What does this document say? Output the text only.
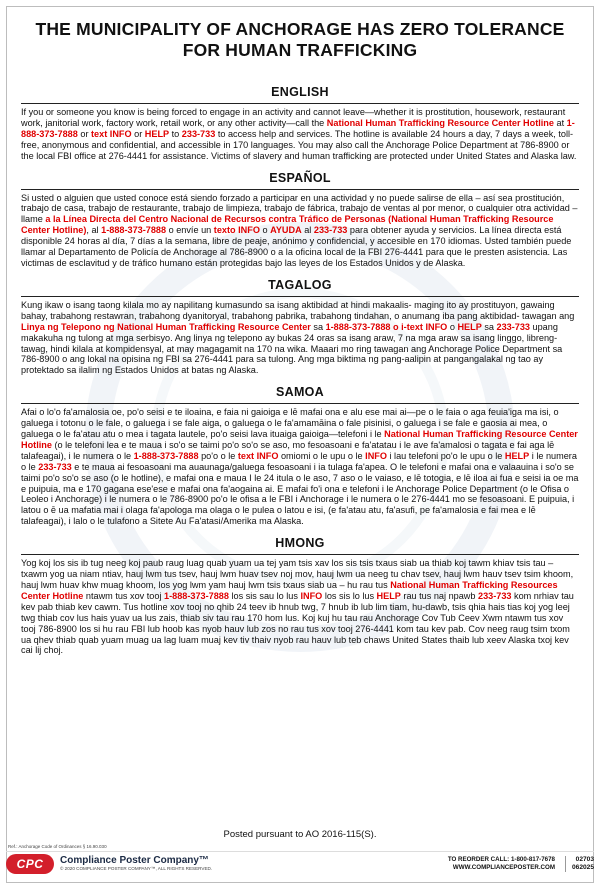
THE MUNICIPALITY OF ANCHORAGE HAS ZERO TOLERANCE
FOR HUMAN TRAFFICKING
ENGLISH
If you or someone you know is being forced to engage in an activity and cannot leave—whether it is prostitution, housework, restaurant work, janitorial work, factory work, retail work, or any other activity—call the National Human Trafficking Resource Center Hotline at 1-888-373-7888 or text INFO or HELP to 233-733 to access help and services. The hotline is available 24 hours a day, 7 days a week, toll-free, anonymous and confidential, and accessible in 170 languages. You may also call the Anchorage Police Department at 786-8900 or the local FBI office at 276-4441 for assistance. Victims of slavery and human trafficking are protected under United States and Alaska law.
ESPAÑOL
Si usted o alguien que usted conoce está siendo forzado a participar en una actividad y no puede salirse de ella – así sea prostitución, trabajo de casa, trabajo de restaurante, trabajo de limpieza, trabajo de fábrica, trabajo de ventas al por menor, o cualquier otra actividad – llame a la Línea Directa del Centro Nacional de Recursos contra Tráfico de Personas (National Human Trafficking Resource Center Hotline), al 1-888-373-7888 o envíe un texto INFO o AYUDA al 233-733 para obtener ayuda y servicios. La línea directa está disponible 24 horas al día, 7 días a la semana, libre de peaje, anónimo y confidencial, y accesible en 170 idiomas. Usted también puede llamar al Departamento de Policía de Anchorage al 786-8900 o a la oficina local de la FBI 276-4441 para que le presten asistencia. Las victimas de esclavitud y de tráfico humano están protegidas bajo las leyes de los Estados Unidos y de Alaska.
TAGALOG
Kung ikaw o isang taong kilala mo ay napilitang kumasundo sa isang aktibidad at hindi makaalis- maging ito ay prostituyon, gawaing bahay, trabahong restawran, trabahong dyanitoryal, trabahong pabrika, trabahong tindahan, o anumang iba pang aktibidad- tawagan ang Linya ng Telepono ng National Human Trafficking Resource Center sa 1-888-373-7888 o i-text INFO o HELP sa 233-733 upang makakuha ng tulong at mga serbisyo. Ang linya ng telepono ay bukas 24 oras sa isang araw, 7 na mga araw sa isang linggo, libreng-tawag, hindi kilala at kompidensyal, at may magagamit na 170 na wika. Maaari mo ring tawagan ang Anchorage Police Department sa 786-8900 o ang lokal na opisina ng FBI sa 276-4441 para sa tulong. Ang mga biktima ng pang-aalipin at pangangalakal ng tao ay protektado sa ilalim ng Estados Unidos at batas ng Alaska.
SAMOA
Afai o lo'o fa'amalosia oe, po'o seisi e te iloaina, e faia ni gaioiga e lē mafai ona e alu ese mai ai—pe o le faia o aga feuia'iga ma isi, o galuega i totonu o le fale, o galuega i se fale aiga, o galuega o le fa'amamāina o fale pisinisi, o galuega i se fale e gaosia ai mea, o galuega o le fa'atau atu o mea i tagata lautele, po'o seisi lava ituaiga gaioiga—telefoni i le National Human Trafficking Resource Center Hotline (o le telefoni lea e te maua i so'o se taimi po'o so'o se aso, mo fesoasoani e fa'atatau i le ave fa'amalosi o tagata e fai aga lē talafeagai), i le numera o le 1-888-373-7888 po'o o le text INFO omiomi o le upu o le INFO i lau telefoni po'o le upu o le HELP i le numera o le 233-733 e te maua ai fesoasoani ma auaunaga/galuega fesoasoani i ia tulaga fa'apea. O le telefoni e mafai ona e valaauina i so'o se taimi po'o so'o se aso (o le hotline), e mafai ona e maua I le 24 itula o le aso, 7 aso o le vaiaso, e lē totogia, e lē iloa ai fua e seisi ia oe ma e puipuia, ma e 170 gagana ese'ese e mafai ona fa'aogaina ai. E mafai fo'i ona e telefoni i le Anchorage Police Department (o le Ofisa o Leoleo i Anchorage) i le numera o le 786-8900 po'o le ofisa a le FBI i Anchorage i le numera o le 276-4441 mo se fesoasoani. E puipuia, i latou o ē ua mafatia mai i olaga fa'apologa ma olaga o le pulea o latou e isi, (e fa'atau atu, fa'asufi, pe fa'amalosia e fai mea e lē talafeagai), i lalo o le tulafono a Sitete Au Fa'atasi/Amerika ma Alaska.
HMONG
Yog koj los sis ib tug neeg koj paub raug luag quab yuam ua tej yam tsis xav los sis tsis txaus siab ua thiab koj tawm khiav tsis tau – txawm yog ua niam ntiav, hauj lwm tus tsev, hauj lwm huav tsev noj mov, hauj lwm ua neeg tu chav tsev, hauj lwm hauv tsev tsim khoom, hauj lwm huav khw muag khoom, los yog lwm yam hauj lwm tsis txaus siab ua – hu rau tus National Human Trafficking Resources Center Hotline ntawm tus xov tooj 1-888-373-7888 los sis sau lo lus INFO los sis lo lus HELP rau tus naj npawb 233-733 kom nrhiav tau kev pab thiab kev cawm. Tus hotline xov tooj no qhib 24 teev ib hnub twg, 7 hnub ib lub lim tiam, hu-dawb, tsis qhia hais tias koj yog leej twg thiab cov lus hais yuav ua lus zais, thiab siv tau rau 170 hom lus. Koj kuj hu tau rau Anchorage Cov Tub Ceev Xwm ntawm tus xov tooj 786-8900 los si hu rau FBI lub hoob kas nyob hauv lub zos no rau tus xov tooj 276-4441 kom tau kev pab. Cov neeg raug tsim txom ua qhev thiab quab yuam muag ua lag luam muaj kev tiv thaiv nyob rau hauv lub teb chaws United States thaib lub xeev Alaska txoj kev cai lij choj.
Posted pursuant to AO 2016-115(S).
Ref.: Anchorage Code of Ordinances § 16.90.030
CPC	Compliance Poster Company™
© 2020 COMPLIANCE POSTER COMPANY™, ALL RIGHTS RESERVED.
TO REORDER CALL: 1-800-817-7678
WWW.COMPLIANCEPOSTER.COM
02703
062025
